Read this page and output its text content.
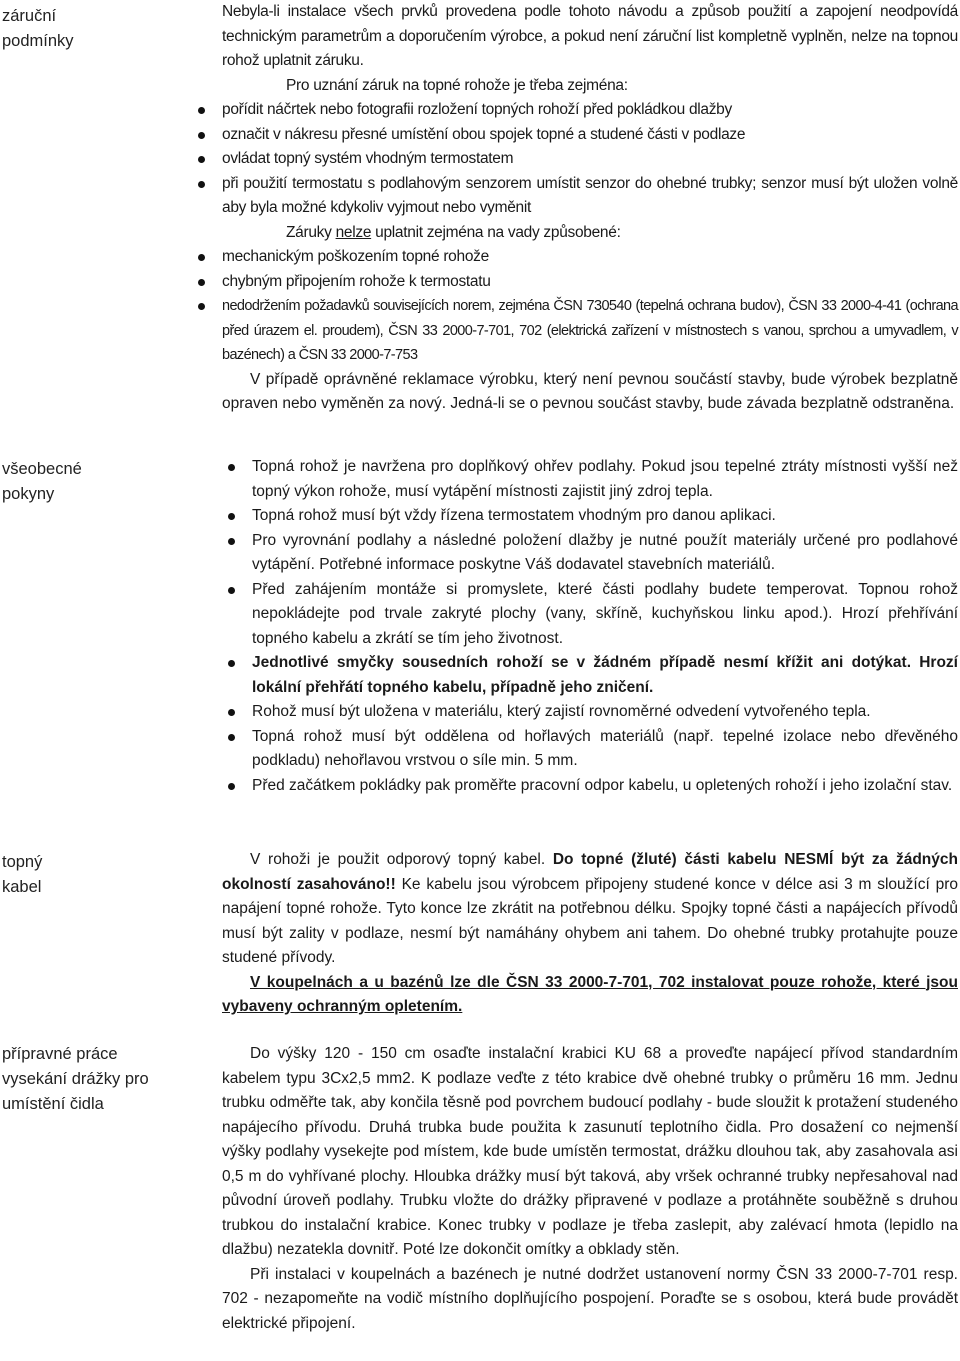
záruční
podmínky

Nebyla-li instalace všech prvků provedena podle tohoto návodu a způsob použití a zapojení neodpovídá technickým parametrům a doporučením výrobce, a pokud není záruční list kompletně vyplněn, nelze na topnou rohož uplatnit záruku.

Pro uznání záruk na topné rohože je třeba zejména:

pořídit náčrtek nebo fotografii rozložení topných rohoží před pokládkou dlažby
označit v nákresu přesné umístění obou spojek topné a studené části v podlaze
ovládat topný systém vhodným termostatem
při použití termostatu s podlahovým senzorem umístit senzor do ohebné trubky; senzor musí být uložen volně aby byla možné kdykoliv vyjmout nebo vyměnit

Záruky nelze uplatnit zejména na vady způsobené:

mechanickým poškozením topné rohože
chybným připojením rohože k termostatu
nedodržením požadavků souvisejících norem, zejména ČSN 730540 (tepelná ochrana budov), ČSN 33 2000-4-41 (ochrana před úrazem el. proudem), ČSN 33 2000-7-701, 702 (elektrická zařízení v místnostech s vanou, sprchou a umyvadlem, v bazénech) a ČSN 33 2000-7-753

V případě oprávněné reklamace výrobku, který není pevnou součástí stavby, bude výrobek bezplatně opraven nebo vyměněn za nový. Jedná-li se o pevnou součást stavby, bude závada bezplatně odstraněna.

všeobecné
pokyny
Topná rohož je navržena pro doplňkový ohřev podlahy. Pokud jsou tepelné ztráty místnosti vyšší než topný výkon rohože, musí vytápění místnosti zajistit jiný zdroj tepla.
Topná rohož musí být vždy řízena termostatem vhodným pro danou aplikaci.
Pro vyrovnání podlahy a následné položení dlažby je nutné použít materiály určené pro podlahové vytápění. Potřebné informace poskytne Váš dodavatel stavebních materiálů.
Před zahájením montáže si promyslete, které části podlahy budete temperovat. Topnou rohož nepokládejte pod trvale zakryté plochy (vany, skříně, kuchyňskou linku apod.). Hrozí přehřívání topného kabelu a zkrátí se tím jeho životnost.
Jednotlivé smyčky sousedních rohoží se v žádném případě nesmí křížit ani dotýkat. Hrozí lokální přehřátí topného kabelu, případně jeho zničení.
Rohož musí být uložena v materiálu, který zajistí rovnoměrné odvedení vytvořeného tepla.
Topná rohož musí být oddělena od hořlavých materiálů (např. tepelné izolace nebo dřevěného podkladu) nehořlavou vrstvou o síle min. 5 mm.
Před začátkem pokládky pak proměřte pracovní odpor kabelu, u opletených rohoží i jeho izolační stav.
topný
kabel

V rohoži je použit odporový topný kabel. Do topné (žluté) části kabelu NESMÍ být za žádných okolností zasahováno!! Ke kabelu jsou výrobcem připojeny studené konce v délce asi 3 m sloužící pro napájení topné rohože. Tyto konce lze zkrátit na potřebnou délku. Spojky topné části a napájecích přívodů musí být zality v podlaze, nesmí být namáhány ohybem ani tahem. Do ohebné trubky protahujte pouze studené přívody.

V koupelnách a u bazénů lze dle ČSN 33 2000-7-701, 702 instalovat pouze rohože, které jsou vybaveny ochranným opletením.

přípravné práce
vysekání drážky pro umístění čidla

Do výšky 120 - 150 cm osaďte instalační krabici KU 68 a proveďte napájecí přívod standardním kabelem typu 3Cx2,5 mm2. K podlaze veďte z této krabice dvě ohebné trubky o průměru 16 mm. Jednu trubku odměřte tak, aby končila těsně pod povrchem budoucí podlahy - bude sloužit k protažení studeného napájecího přívodu. Druhá trubka bude použita k zasunutí teplotního čidla. Pro dosažení co nejmenší výšky podlahy vysekejte pod místem, kde bude umístěn termostat, drážku dlouhou tak, aby zasahovala asi 0,5 m do vyhřívané plochy. Hloubka drážky musí být taková, aby vršek ochranné trubky nepřesahoval nad původní úroveň podlahy. Trubku vložte do drážky připravené v podlaze a protáhněte souběžně s druhou trubkou do instalační krabice. Konec trubky v podlaze je třeba zaslepit, aby zalévací hmota (lepidlo na dlažbu) nezatekla dovnitř. Poté lze dokončit omítky a obklady stěn.

Při instalaci v koupelnách a bazénech je nutné dodržet ustanovení normy ČSN 33 2000-7-701 resp. 702 - nezapomeňte na vodič místního doplňujícího pospojení. Poraďte se s osobou, která bude provádět elektrické připojení.
